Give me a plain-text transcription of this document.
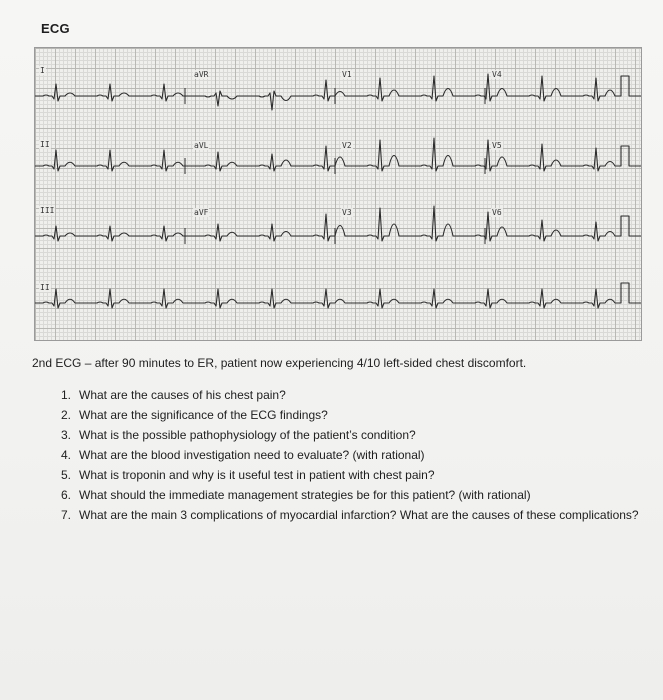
ECG
I	aVR	V1	V4
II	aVL	V2	V5
III	aVF	V3	V6
II
2nd ECG – after 90 minutes to ER, patient now experiencing 4/10 left-sided chest discomfort.
1. What are the causes of his chest pain?
2. What are the significance of the ECG findings?
3. What is the possible pathophysiology of the patient’s condition?
4. What are the blood investigation need to evaluate? (with rational)
5. What is troponin and why is it useful test in patient with chest pain?
6. What should the immediate management strategies be for this patient? (with rational)
7. What are the main 3 complications of myocardial infarction? What are the causes of these complications?
